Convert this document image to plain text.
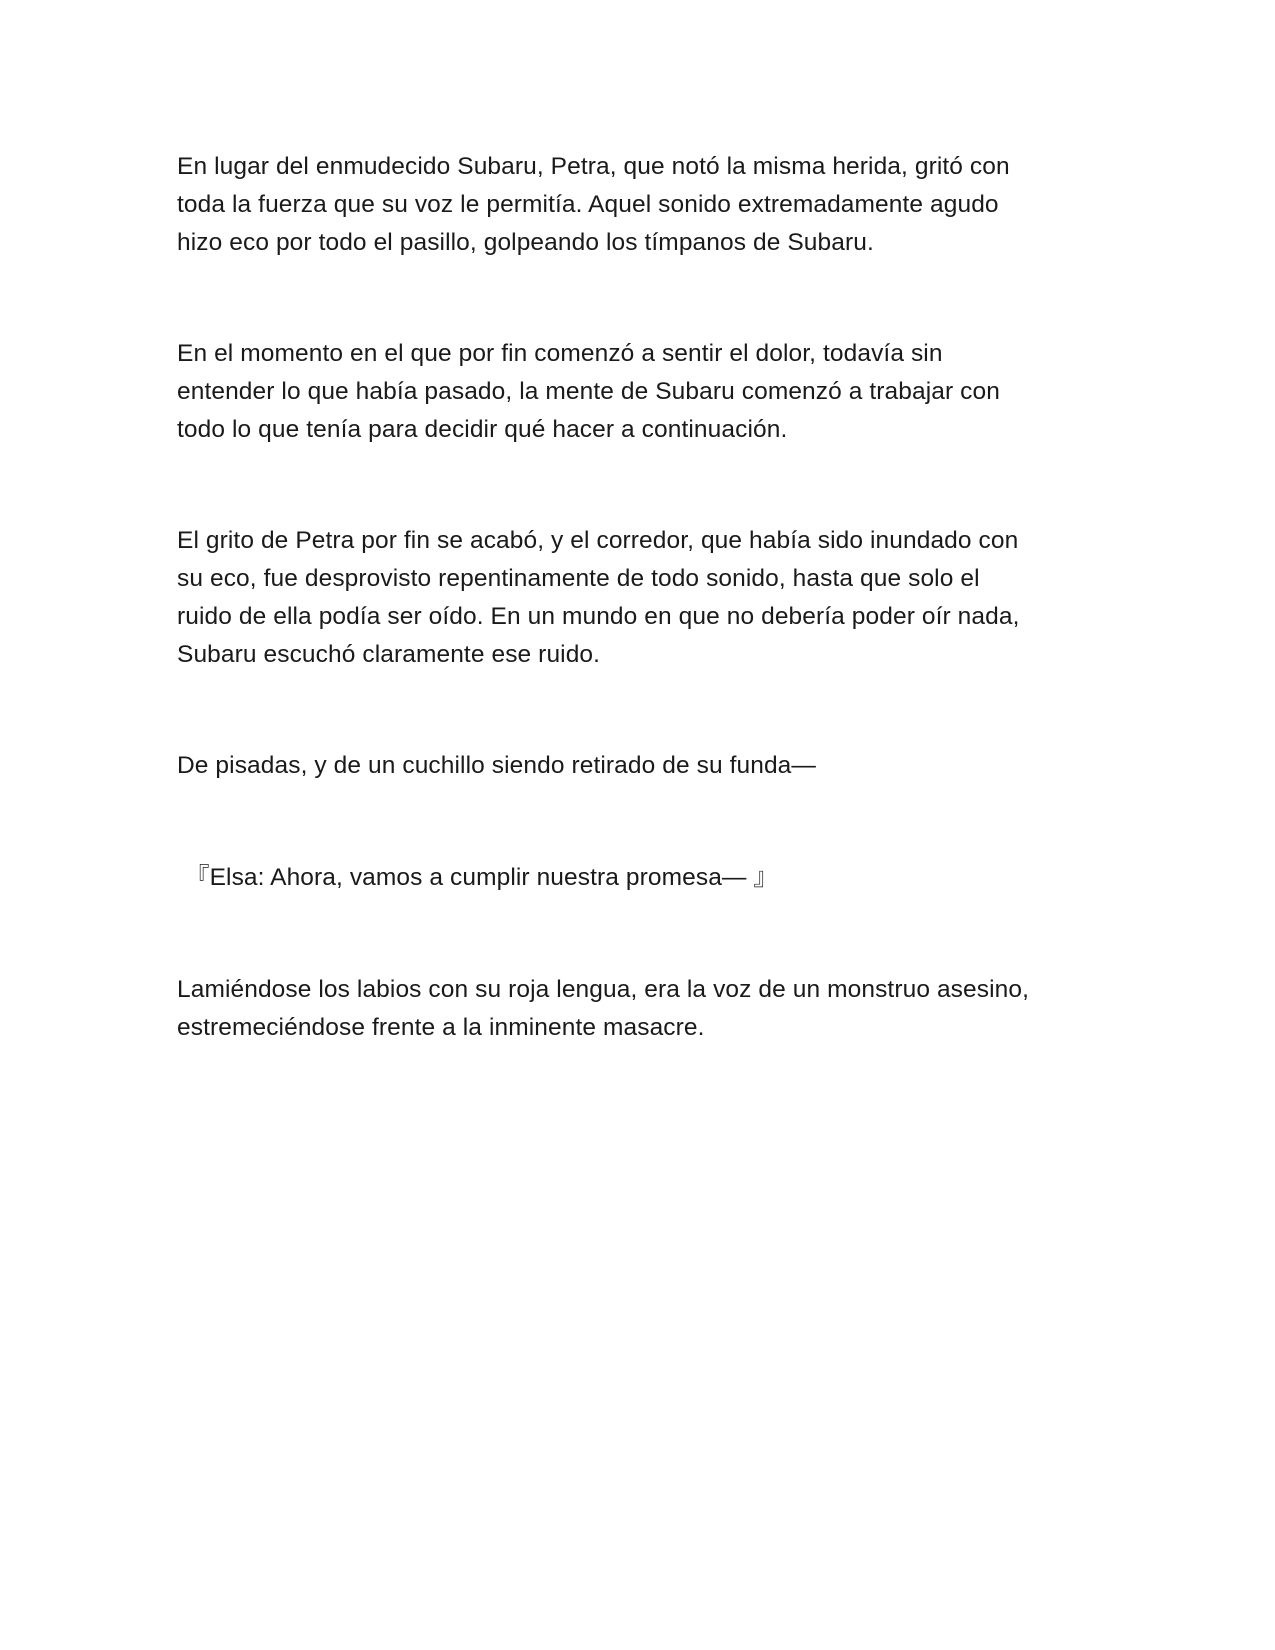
En lugar del enmudecido Subaru, Petra, que notó la misma herida, gritó con
toda la fuerza que su voz le permitía. Aquel sonido extremadamente agudo
hizo eco por todo el pasillo, golpeando los tímpanos de Subaru.
En el momento en el que por fin comenzó a sentir el dolor, todavía sin
entender lo que había pasado, la mente de Subaru comenzó a trabajar con
todo lo que tenía para decidir qué hacer a continuación.
El grito de Petra por fin se acabó, y el corredor, que había sido inundado con
su eco, fue desprovisto repentinamente de todo sonido, hasta que solo el
ruido de ella podía ser oído. En un mundo en que no debería poder oír nada,
Subaru escuchó claramente ese ruido.
De pisadas, y de un cuchillo siendo retirado de su funda—
『Elsa: Ahora, vamos a cumplir nuestra promesa— 』
Lamiéndose los labios con su roja lengua, era la voz de un monstruo asesino,
estremeciéndose frente a la inminente masacre.
